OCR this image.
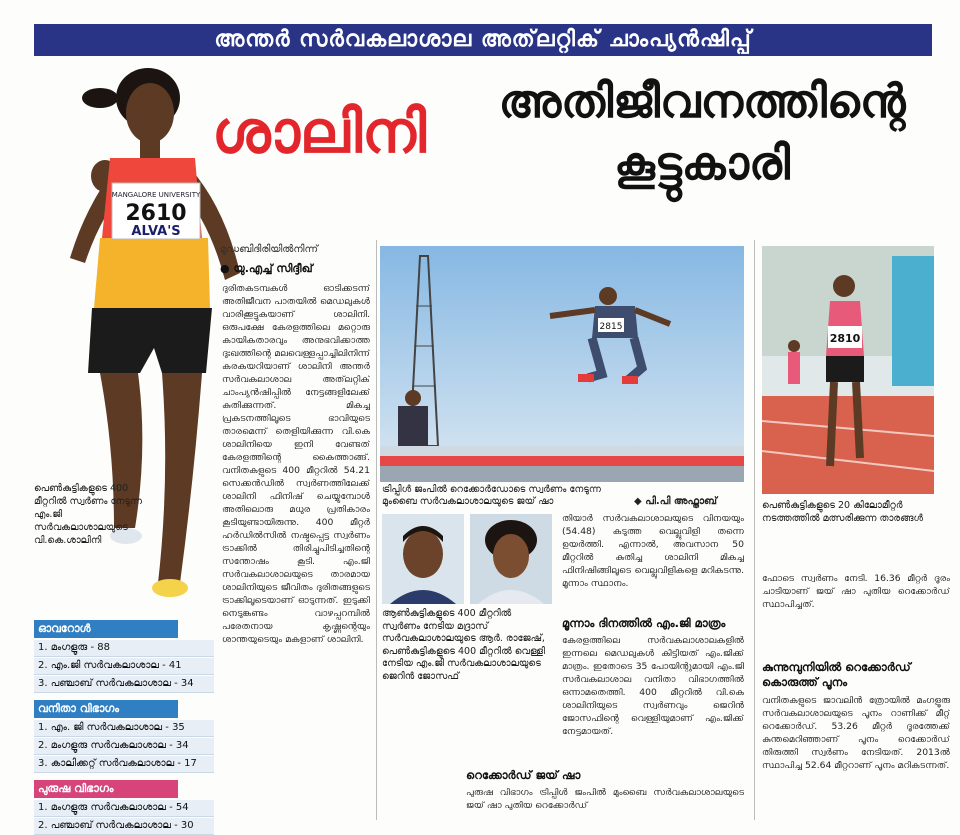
അന്തർ സർവകലാശാല അത്‌ലറ്റിക് ചാംപ്യൻഷിപ്പ്
MANGALORE UNIVERSITY
2610
ALVA'S
പെൺകുട്ടികളുടെ 400 മീറ്ററിൽ സ്വർണം നേടുന്ന എം.ജി സർവകലാശാലയുടെ വി.കെ.ശാലിനി
ശാലിനി	അതിജീവനത്തിന്റെ
കൂട്ടുകാരി
മൂഡബിദിരിയിൽനിന്ന്
● യു.എച്ച് സിദ്ദീഖ്
ദുരിതകടമ്പകൾ ഓടിക്കടന്ന് അതിജീവന പാതയിൽ മെഡലുകൾ വാരിക്കൂട്ടുകയാണ് ശാലിനി. ഒരുപക്ഷേ കേരളത്തിലെ മറ്റൊരു കായികതാരവും അനുഭവിക്കാത്ത ദുഃഖത്തിന്റെ മലവെള്ളപ്പാച്ചിലിനിന്ന് കരകയറിയാണ് ശാലിനി അന്തർ സർവകലാശാല അത്‌ലറ്റിക് ചാംപ്യൻഷിപ്പിൽ നേട്ടങ്ങളിലേക്ക് കുതിക്കുന്നത്. മികച്ച പ്രകടനത്തിലൂടെ ഭാവിയുടെ താരമെന്ന് തെളിയിക്കുന്ന വി.കെ ശാലിനിയെ ഇനി വേണ്ടത് കേരളത്തിന്റെ കൈത്താങ്ങ്. വനിതകളുടെ 400 മീറ്ററിൽ 54.21 സെക്കൻഡിൽ സ്വർണത്തിലേക്ക് ശാലിനി ഫിനിഷ് ചെയ്യുമ്പോൾ അതിലൊരു മധുര പ്രതികാരം കൂടിയുണ്ടായിരുന്നു. 400 മീറ്റർ ഹർഡിൽസിൽ നഷ്ടപ്പെട്ട സ്വർണം ട്രാക്കിൽ തിരിച്ചുപിടിച്ചതിന്റെ സന്തോഷം കൂടി. എം.ജി സർവകലാശാലയുടെ താരമായ ശാലിനിയുടെ ജീവിതം ദുരിതങ്ങളുടെ ട്രാക്കിലൂടെയാണ് ഓടുന്നത്. ഇടുക്കി നെടുങ്കണ്ടം വാഴപ്പറമ്പിൽ പരേതനായ കൃഷ്ണന്റെയും ശാന്തയുടെയും മകളാണ് ശാലിനി.
2815
ട്രിപ്പിൾ ജംപിൽ റെക്കോർഡോടെ സ്വർണം നേടുന്ന മുംബൈ സർവകലാശാലയുടെ ജയ് ഷാ	◆ പി.പി അഫ്താബ്
ആൺകുട്ടികളുടെ 400 മീറ്ററിൽ സ്വർണം നേടിയ മദ്രാസ് സർവകലാശാലയുടെ ആർ. രാജേഷ്, പെൺകുട്ടികളുടെ 400 മീറ്ററിൽ വെള്ളി നേടിയ എം.ജി സർവകലാശാലയുടെ ജെറിൻ ജോസഫ്
തിയാർ സർവകലാശാലയുടെ വിനയയും (54.48) കടുത്ത വെല്ലുവിളി തന്നെ ഉയർത്തി. എന്നാൽ, അവസാന 50 മീറ്ററിൽ കുതിച്ച ശാലിനി മികച്ച ഫിനിഷിങ്ങിലൂടെ വെല്ലുവിളികളെ മറികടന്നു. മൂന്നാം സ്ഥാനം.
മൂന്നാം ദിനത്തിൽ എം.ജി മാത്രം
കേരളത്തിലെ സർവകലാശാലകളിൽ ഇന്നലെ മെഡലുകൾ കിട്ടിയത് എം.ജിക്ക് മാത്രം. ഇതോടെ 35 പോയിന്റുമായി എം.ജി സർവകലാശാല വനിതാ വിഭാഗത്തിൽ ഒന്നാമതെത്തി. 400 മീറ്ററിൽ വി.കെ ശാലിനിയുടെ സ്വർണവും ജെറിൻ ജോസഫിന്റെ വെള്ളിയുമാണ് എം.ജിക്ക് നേട്ടമായത്.
റെക്കോർഡ് ജയ് ഷാ
പുരുഷ വിഭാഗം ട്രിപ്പിൾ ജംപിൽ മുംബൈ സർവകലാശാലയുടെ ജയ് ഷാ പുതിയ റെക്കോർഡ്
2810
പെൺകുട്ടികളുടെ 20 കിലോമീറ്റർ നടത്തത്തിൽ മത്സരിക്കുന്ന താരങ്ങൾ
ഫോടെ സ്വർണം നേടി. 16.36 മീറ്റർ ദൂരം ചാടിയാണ് ജയ് ഷാ പുതിയ റെക്കോർഡ് സ്ഥാപിച്ചത്.
കുന്നുമ്പുനിയിൽ റെക്കോർഡ് കൊരുത്ത് പൂനം
വനിതകളുടെ ജാവലിൻ ത്രോയിൽ മംഗളൂരു സർവകലാശാലയുടെ പൂനം റാണിക്ക് മീറ്റ് റെക്കോർഡ്. 53.26 മീറ്റർ ദൂരത്തേക്ക് കുന്തമെറിഞ്ഞാണ് പൂനം റെക്കോർഡ് തിരുത്തി സ്വർണം നേടിയത്. 2013ൽ സ്ഥാപിച്ച 52.64 മീറ്ററാണ് പൂനം മറികടന്നത്.
ഓവറോൾ
1. മംഗളൂരു - 88
2. എം.ജി സർവകലാശാല - 41
3. പഞ്ചാബ് സർവകലാശാല - 34
വനിതാ വിഭാഗം
1. എം. ജി സർവകലാശാല - 35
2. മംഗളൂരു സർവകലാശാല - 34
3. കാലിക്കറ്റ് സർവകലാശാല - 17
പുരുഷ വിഭാഗം
1. മംഗളൂരു സർവകലാശാല - 54
2. പഞ്ചാബ് സർവകലാശാല - 30
